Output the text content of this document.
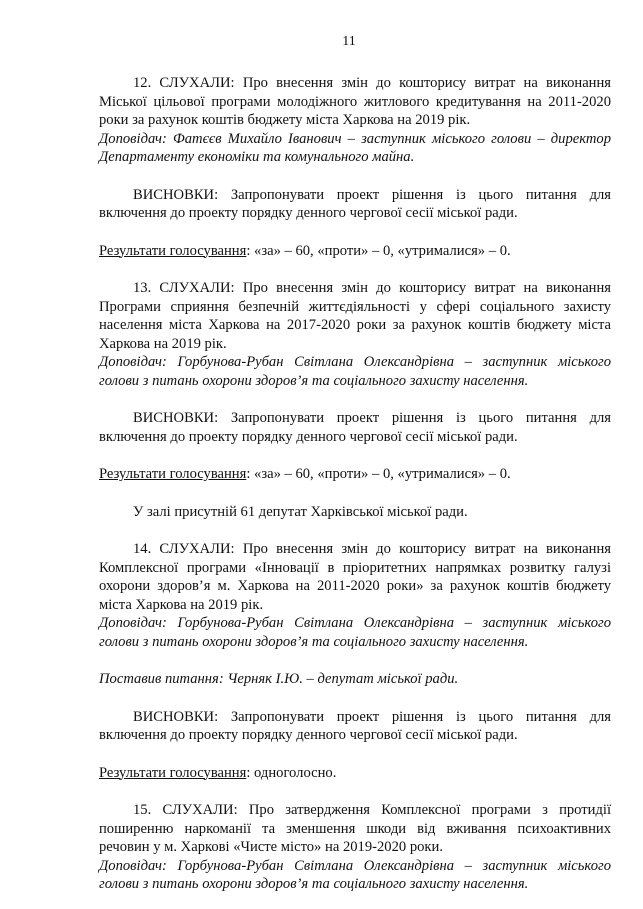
11

12. СЛУХАЛИ: Про внесення змін до кошторису витрат на виконання Міської цільової програми молодіжного житлового кредитування на 2011-2020 роки за рахунок коштів бюджету міста Харкова на 2019 рік.

Доповідач: Фатєєв Михайло Іванович – заступник міського голови – директор Департаменту економіки та комунального майна.

ВИСНОВКИ: Запропонувати проект рішення із цього питання для включення до проекту порядку денного чергової сесії міської ради.

Результати голосування: «за» – 60, «проти» – 0, «утрималися» – 0.

13. СЛУХАЛИ: Про внесення змін до кошторису витрат на виконання Програми сприяння безпечній життєдіяльності у сфері соціального захисту населення міста Харкова на 2017-2020 роки за рахунок коштів бюджету міста Харкова на 2019 рік.

Доповідач: Горбунова-Рубан Світлана Олександрівна – заступник міського голови з питань охорони здоров’я та соціального захисту населення.

ВИСНОВКИ: Запропонувати проект рішення із цього питання для включення до проекту порядку денного чергової сесії міської ради.

Результати голосування: «за» – 60, «проти» – 0, «утрималися» – 0.

У залі присутній 61 депутат Харківської міської ради.

14. СЛУХАЛИ: Про внесення змін до кошторису витрат на виконання Комплексної програми «Інновації в пріоритетних напрямках розвитку галузі охорони здоров’я м. Харкова на 2011-2020 роки» за рахунок коштів бюджету міста Харкова на 2019 рік.

Доповідач: Горбунова-Рубан Світлана Олександрівна – заступник міського голови з питань охорони здоров’я та соціального захисту населення.

Поставив питання: Черняк І.Ю. – депутат міської ради.

ВИСНОВКИ: Запропонувати проект рішення із цього питання для включення до проекту порядку денного чергової сесії міської ради.

Результати голосування: одноголосно.

15. СЛУХАЛИ: Про затвердження Комплексної програми з протидії поширенню наркоманії та зменшення шкоди від вживання психоактивних речовин у м. Харкові «Чисте місто» на 2019-2020 роки.

Доповідач: Горбунова-Рубан Світлана Олександрівна – заступник міського голови з питань охорони здоров’я та соціального захисту населення.
